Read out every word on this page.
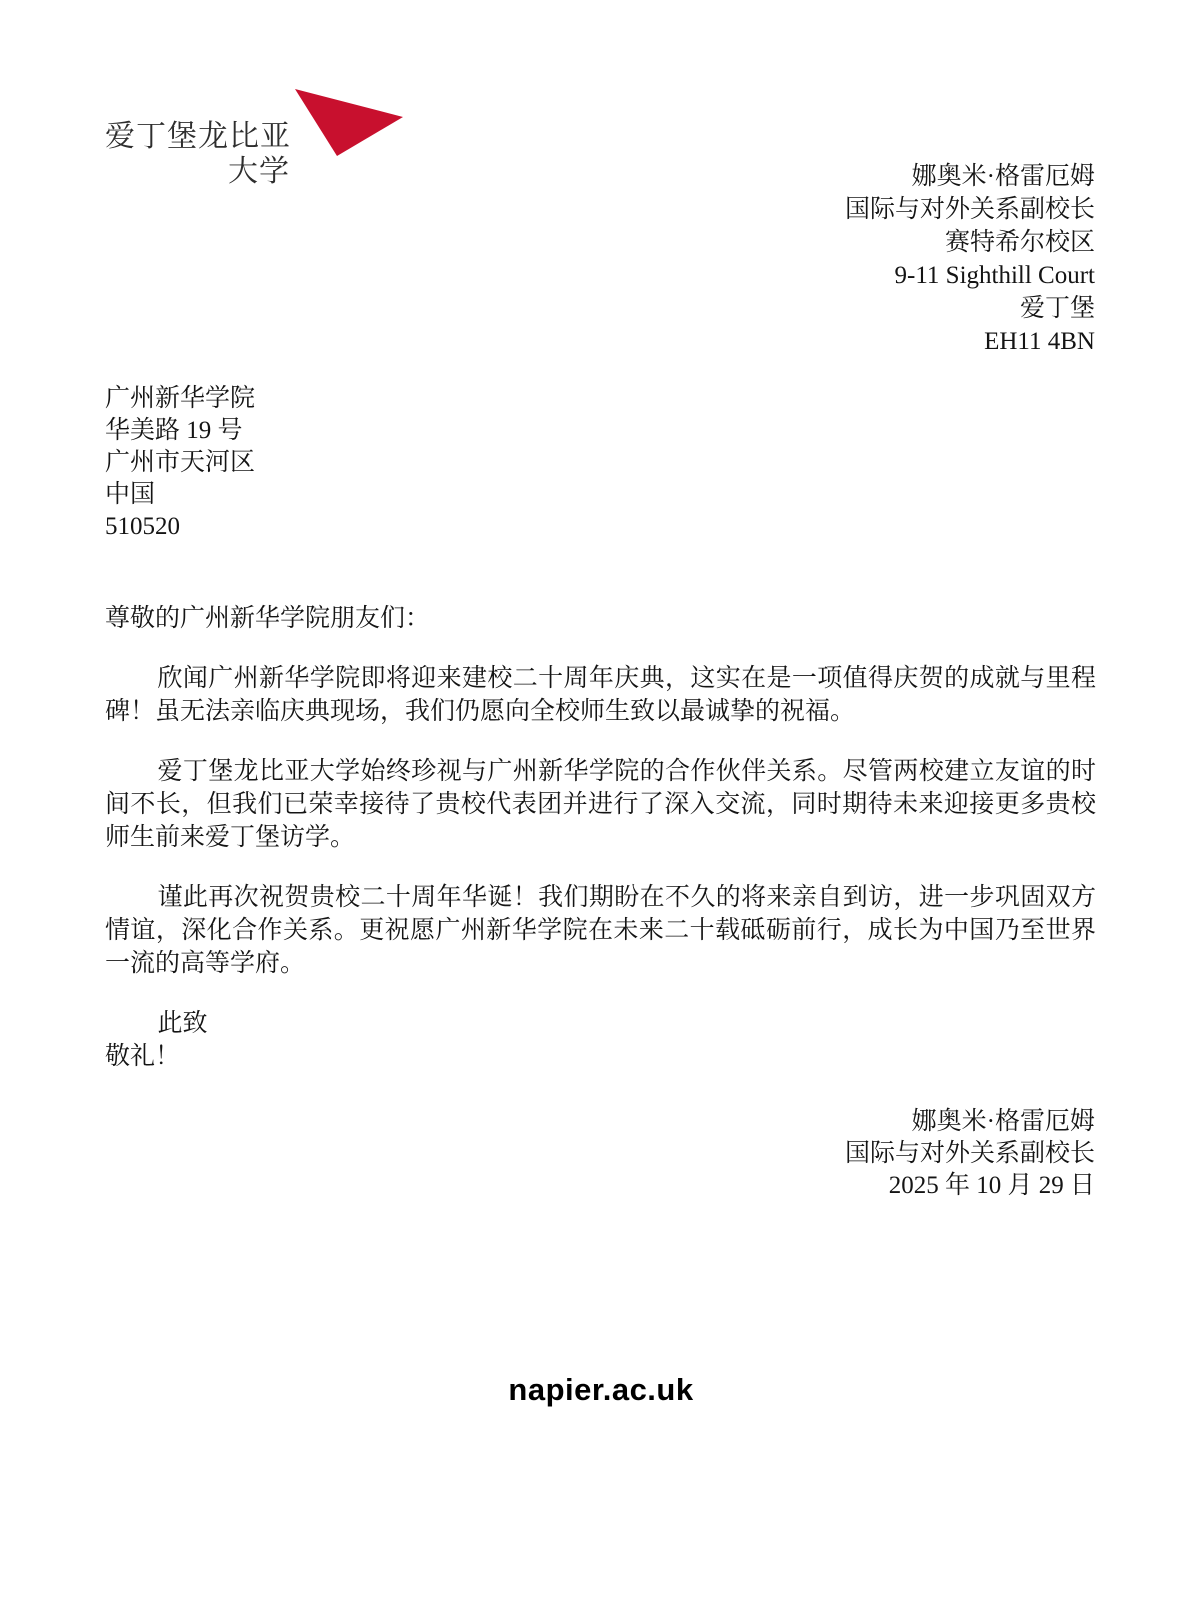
爱丁堡龙比亚
大学	娜奥米·格雷厄姆
国际与对外关系副校长
赛特希尔校区
9-11 Sighthill Court
爱丁堡
EH11 4BN
广州新华学院
华美路 19 号
广州市天河区
中国
510520
尊敬的广州新华学院朋友们：

欣闻广州新华学院即将迎来建校二十周年庆典，这实在是一项值得庆贺的成就与里程碑！虽无法亲临庆典现场，我们仍愿向全校师生致以最诚挚的祝福。

爱丁堡龙比亚大学始终珍视与广州新华学院的合作伙伴关系。尽管两校建立友谊的时间不长，但我们已荣幸接待了贵校代表团并进行了深入交流，同时期待未来迎接更多贵校师生前来爱丁堡访学。

谨此再次祝贺贵校二十周年华诞！我们期盼在不久的将来亲自到访，进一步巩固双方情谊，深化合作关系。更祝愿广州新华学院在未来二十载砥砺前行，成长为中国乃至世界一流的高等学府。

此致

敬礼！
娜奥米·格雷厄姆
国际与对外关系副校长
2025 年 10 月 29 日
napier.ac.uk
